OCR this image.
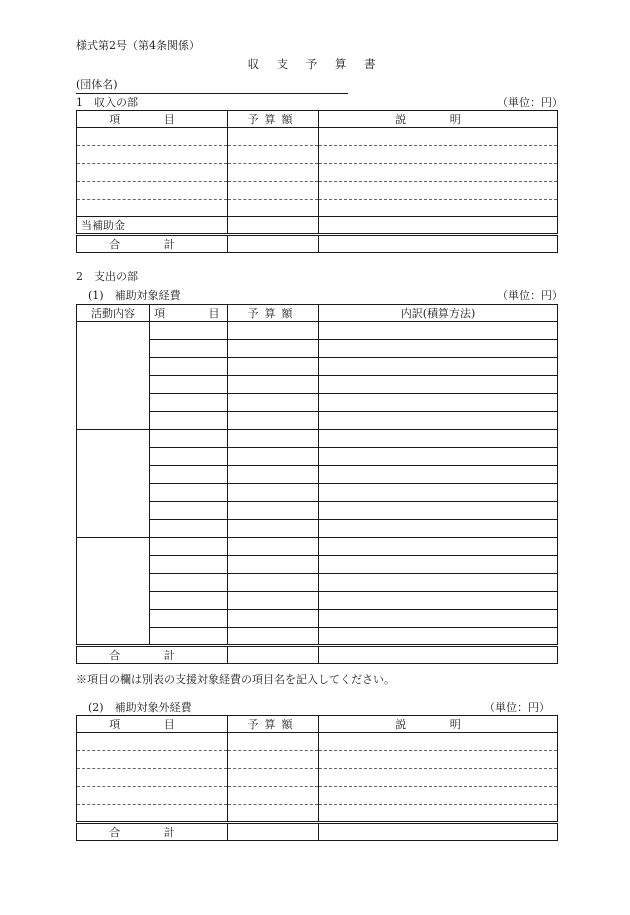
様式第2号（第4条関係）
収 支 予 算 書
(団体名)
1　収入の部	（単位：円）
項 目	予算額	説 明

当補助金		
合 計		
2　支出の部
(1)　補助対象経費	（単位：円）
活動内容	項 目	予算額	内訳(積算方法)

合 計			
※項目の欄は別表の支援対象経費の項目名を記入してください。
(2)　補助対象外経費	（単位：円）
項 目	予算額	説 明

合 計		
